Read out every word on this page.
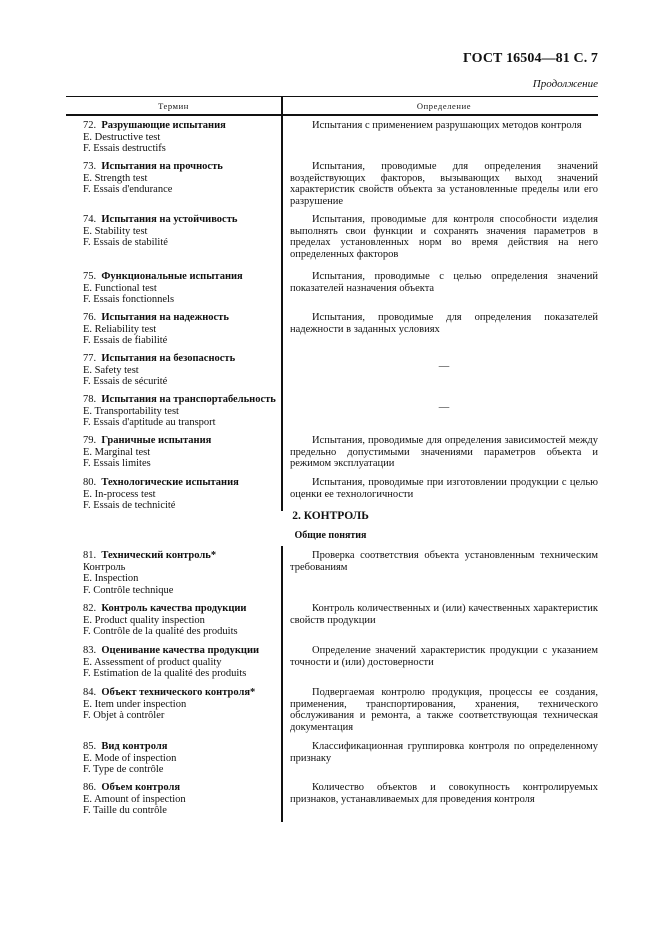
ГОСТ 16504—81 С. 7
Продолжение
Термин	Определение
72. Разрушающие испытания
E. Destructive test
F. Essais destructifs
Испытания с применением разрушающих методов контроля
73. Испытания на прочность
E. Strength test
F. Essais d'endurance
Испытания, проводимые для определения значений воздействующих факторов, вызывающих выход значений характеристик свойств объекта за установленные пределы или его разрушение
74. Испытания на устойчивость
E. Stability test
F. Essais de stabilité
Испытания, проводимые для контроля способности изделия выполнять свои функции и сохранять значения параметров в пределах установленных норм во время действия на него определенных факторов
75. Функциональные испытания
E. Functional test
F. Essais fonctionnels
Испытания, проводимые с целью определения значений показателей назначения объекта
76. Испытания на надежность
E. Reliability test
F. Essais de fiabilité
Испытания, проводимые для определения показателей надежности в заданных условиях
77. Испытания на безопасность
E. Safety test
F. Essais de sécurité
—
78. Испытания на транспортабельность
E. Transportability test
F. Essais d'aptitude au transport
—
79. Граничные испытания
E. Marginal test
F. Essais limites
Испытания, проводимые для определения зависимостей между предельно допустимыми значениями параметров объекта и режимом эксплуатации
80. Технологические испытания
E. In-process test
F. Essais de technicité
Испытания, проводимые при изготовлении продукции с целью оценки ее технологичности
2. КОНТРОЛЬ
Общие понятия
81. Технический контроль*
Контроль
E. Inspection
F. Contrôle technique
Проверка соответствия объекта установленным техническим требованиям
82. Контроль качества продукции
E. Product quality inspection
F. Contrôle de la qualité des produits
Контроль количественных и (или) качественных характеристик свойств продукции
83. Оценивание качества продукции
E. Assessment of product quality
F. Estimation de la qualité des produits
Определение значений характеристик продукции с указанием точности и (или) достоверности
84. Объект технического контроля*
E. Item under inspection
F. Objet à contrôler
Подвергаемая контролю продукция, процессы ее создания, применения, транспортирования, хранения, технического обслуживания и ремонта, а также соответствующая техническая документация
85. Вид контроля
E. Mode of inspection
F. Type de contrôle
Классификационная группировка контроля по определенному признаку
86. Объем контроля
E. Amount of inspection
F. Taille du contrôle
Количество объектов и совокупность контролируемых признаков, устанавливаемых для проведения контроля
